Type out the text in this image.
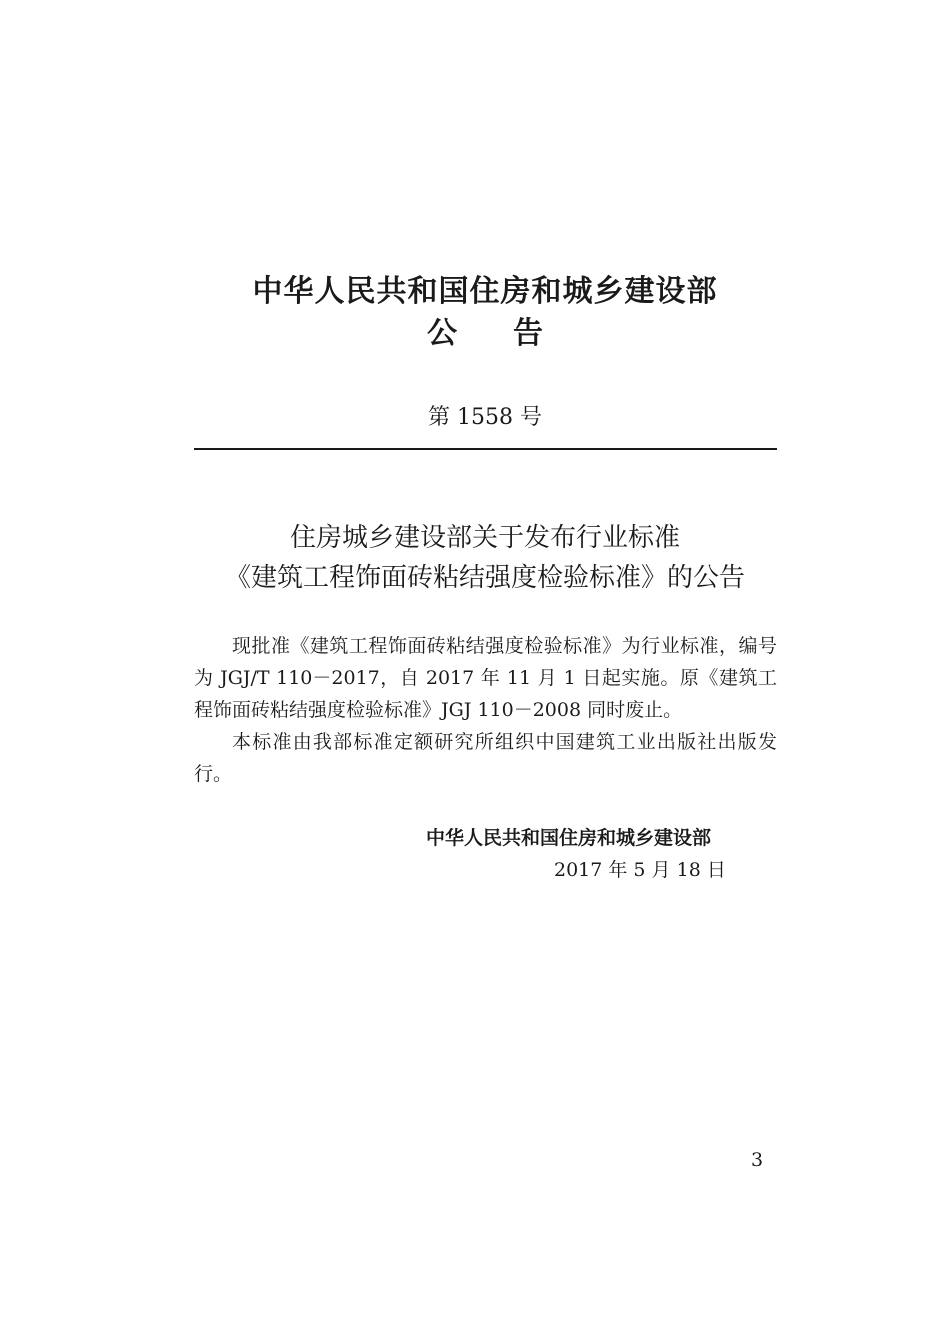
中华人民共和国住房和城乡建设部
公告
第 1558 号
住房城乡建设部关于发布行业标准
《建筑工程饰面砖粘结强度检验标准》的公告

现批准《建筑工程饰面砖粘结强度检验标准》为行业标准，编号为 JGJ/T 110－2017，自 2017 年 11 月 1 日起实施。原《建筑工程饰面砖粘结强度检验标准》JGJ 110－2008 同时废止。

本标准由我部标准定额研究所组织中国建筑工业出版社出版发行。

中华人民共和国住房和城乡建设部
2017 年 5 月 18 日
3
